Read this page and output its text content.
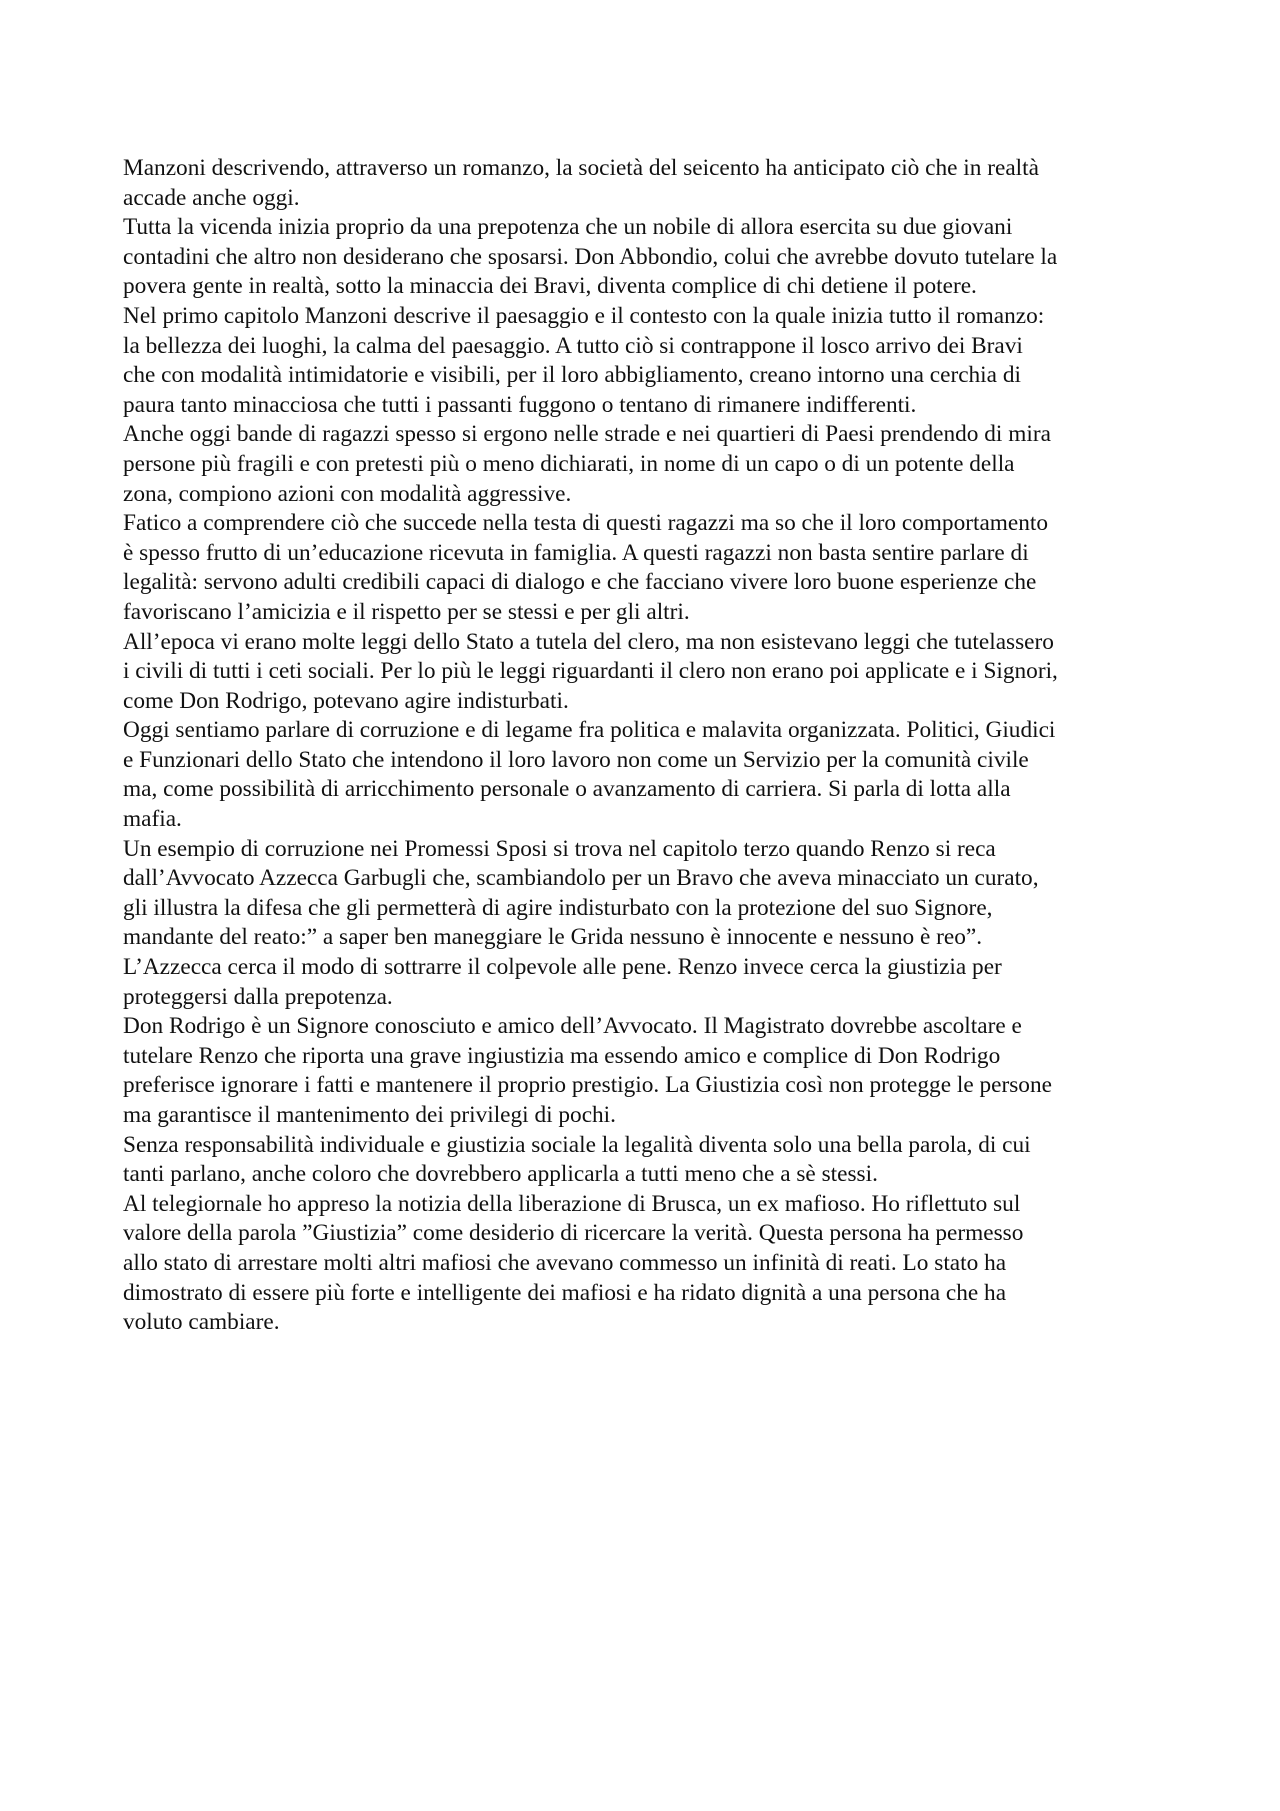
Manzoni descrivendo, attraverso un romanzo, la società del seicento ha anticipato ciò che in realtà
accade anche oggi.

Tutta la vicenda inizia proprio da una prepotenza che un nobile di allora esercita su due giovani
contadini che altro non desiderano che sposarsi. Don Abbondio, colui che avrebbe dovuto tutelare la
povera gente in realtà, sotto la minaccia dei Bravi, diventa complice di chi detiene il potere.

Nel primo capitolo Manzoni descrive il paesaggio e il contesto con la quale inizia tutto il romanzo:
la bellezza dei luoghi, la calma del paesaggio. A tutto ciò si contrappone il losco arrivo dei Bravi
che con modalità intimidatorie e visibili, per il loro abbigliamento, creano intorno una cerchia di
paura tanto minacciosa che tutti i passanti fuggono o tentano di rimanere indifferenti.

Anche oggi bande di ragazzi spesso si ergono nelle strade e nei quartieri di Paesi prendendo di mira
persone più fragili e con pretesti più o meno dichiarati, in nome di un capo o di un potente della
zona, compiono azioni con modalità aggressive.

Fatico a comprendere ciò che succede nella testa di questi ragazzi ma so che il loro comportamento
è spesso frutto di un’educazione ricevuta in famiglia. A questi ragazzi non basta sentire parlare di
legalità: servono adulti credibili capaci di dialogo e che facciano vivere loro buone esperienze che
favoriscano l’amicizia e il rispetto per se stessi e per gli altri.

All’epoca vi erano molte leggi dello Stato a tutela del clero, ma non esistevano leggi che tutelassero
i civili di tutti i ceti sociali. Per lo più le leggi riguardanti il clero non erano poi applicate e i Signori,
come Don Rodrigo, potevano agire indisturbati.

Oggi sentiamo parlare di corruzione e di legame fra politica e malavita organizzata. Politici, Giudici
e Funzionari dello Stato che intendono il loro lavoro non come un Servizio per la comunità civile
ma, come possibilità di arricchimento personale o avanzamento di carriera. Si parla di lotta alla
mafia.

Un esempio di corruzione nei Promessi Sposi si trova nel capitolo terzo quando Renzo si reca
dall’Avvocato Azzecca Garbugli che, scambiandolo per un Bravo che aveva minacciato un curato,
gli illustra la difesa che gli permetterà di agire indisturbato con la protezione del suo Signore,
mandante del reato:” a saper ben maneggiare le Grida nessuno è innocente e nessuno è reo”.

L’Azzecca cerca il modo di sottrarre il colpevole alle pene. Renzo invece cerca la giustizia per
proteggersi dalla prepotenza.

Don Rodrigo è un Signore conosciuto e amico dell’Avvocato. Il Magistrato dovrebbe ascoltare e
tutelare Renzo che riporta una grave ingiustizia ma essendo amico e complice di Don Rodrigo
preferisce ignorare i fatti e mantenere il proprio prestigio. La Giustizia così non protegge le persone
ma garantisce il mantenimento dei privilegi di pochi.

Senza responsabilità individuale e giustizia sociale la legalità diventa solo una bella parola, di cui
tanti parlano, anche coloro che dovrebbero applicarla a tutti meno che a sè stessi.

Al telegiornale ho appreso la notizia della liberazione di Brusca, un ex mafioso. Ho riflettuto sul
valore della parola ”Giustizia” come desiderio di ricercare la verità. Questa persona ha permesso
allo stato di arrestare molti altri mafiosi che avevano commesso un infinità di reati. Lo stato ha
dimostrato di essere più forte e intelligente dei mafiosi e ha ridato dignità a una persona che ha
voluto cambiare.
